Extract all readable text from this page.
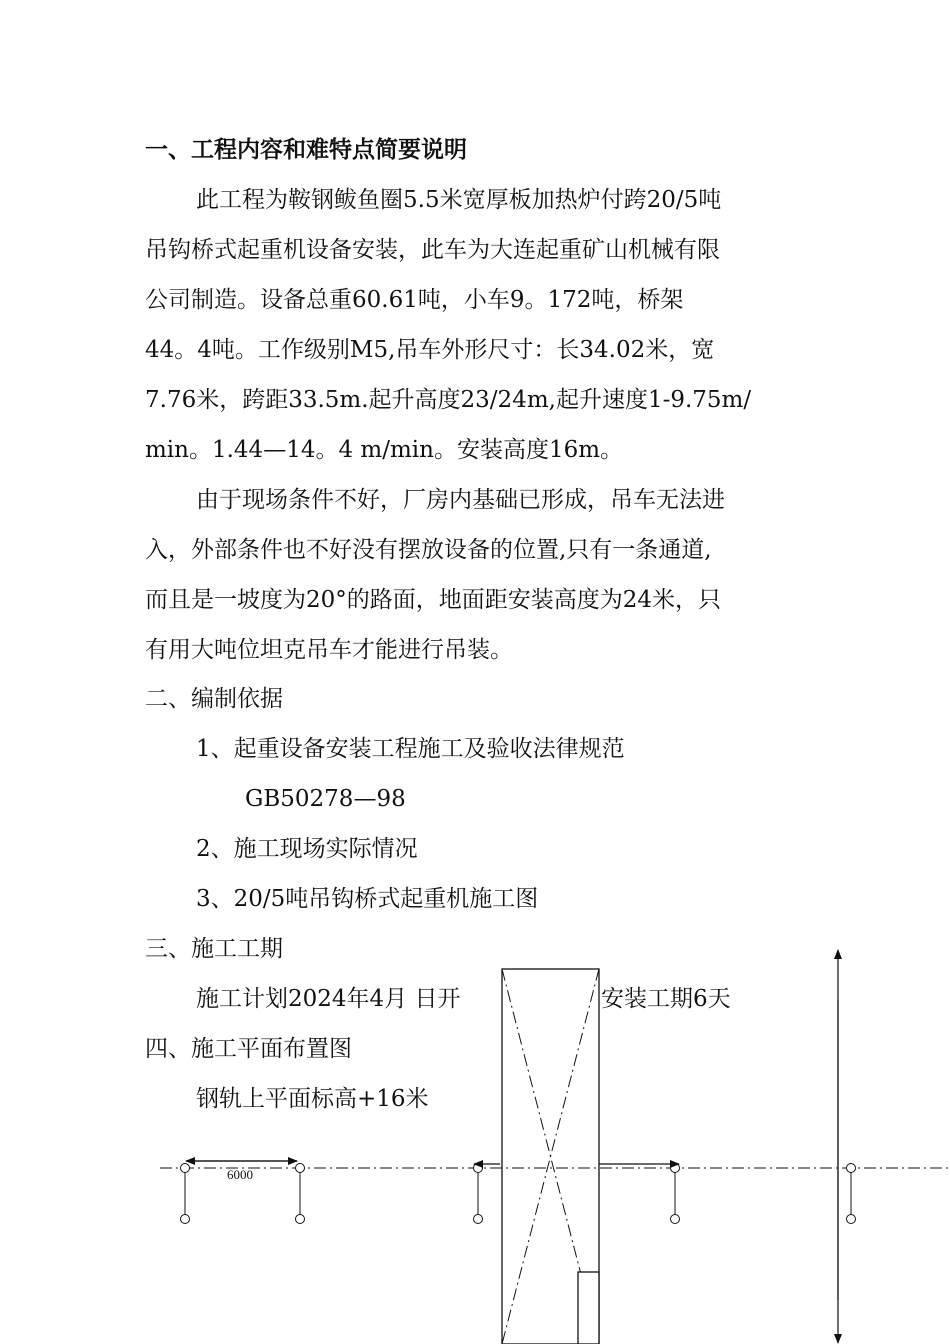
一、工程内容和难特点简要说明
此工程为鞍钢鲅鱼圈5.5米宽厚板加热炉付跨20/5吨
吊钩桥式起重机设备安装，此车为大连起重矿山机械有限
公司制造。设备总重60.61吨，小车9。172吨，桥架
44。4吨。工作级别M5,吊车外形尺寸：长34.02米，宽
7.76米，跨距33.5m.起升高度23/24m,起升速度1-9.75m/
min。1.44—14。4 m/min。安装高度16m。
由于现场条件不好，厂房内基础已形成，吊车无法进
入，外部条件也不好没有摆放设备的位置,只有一条通道,
而且是一坡度为20°的路面，地面距安装高度为24米，只
有用大吨位坦克吊车才能进行吊装。
二、编制依据
1、起重设备安装工程施工及验收法律规范
GB50278—98
2、施工现场实际情况
3、20/5吨吊钩桥式起重机施工图
三、施工工期
施工计划2024年4月 日开	安装工期6天
四、施工平面布置图
钢轨上平面标高+16米
6000
